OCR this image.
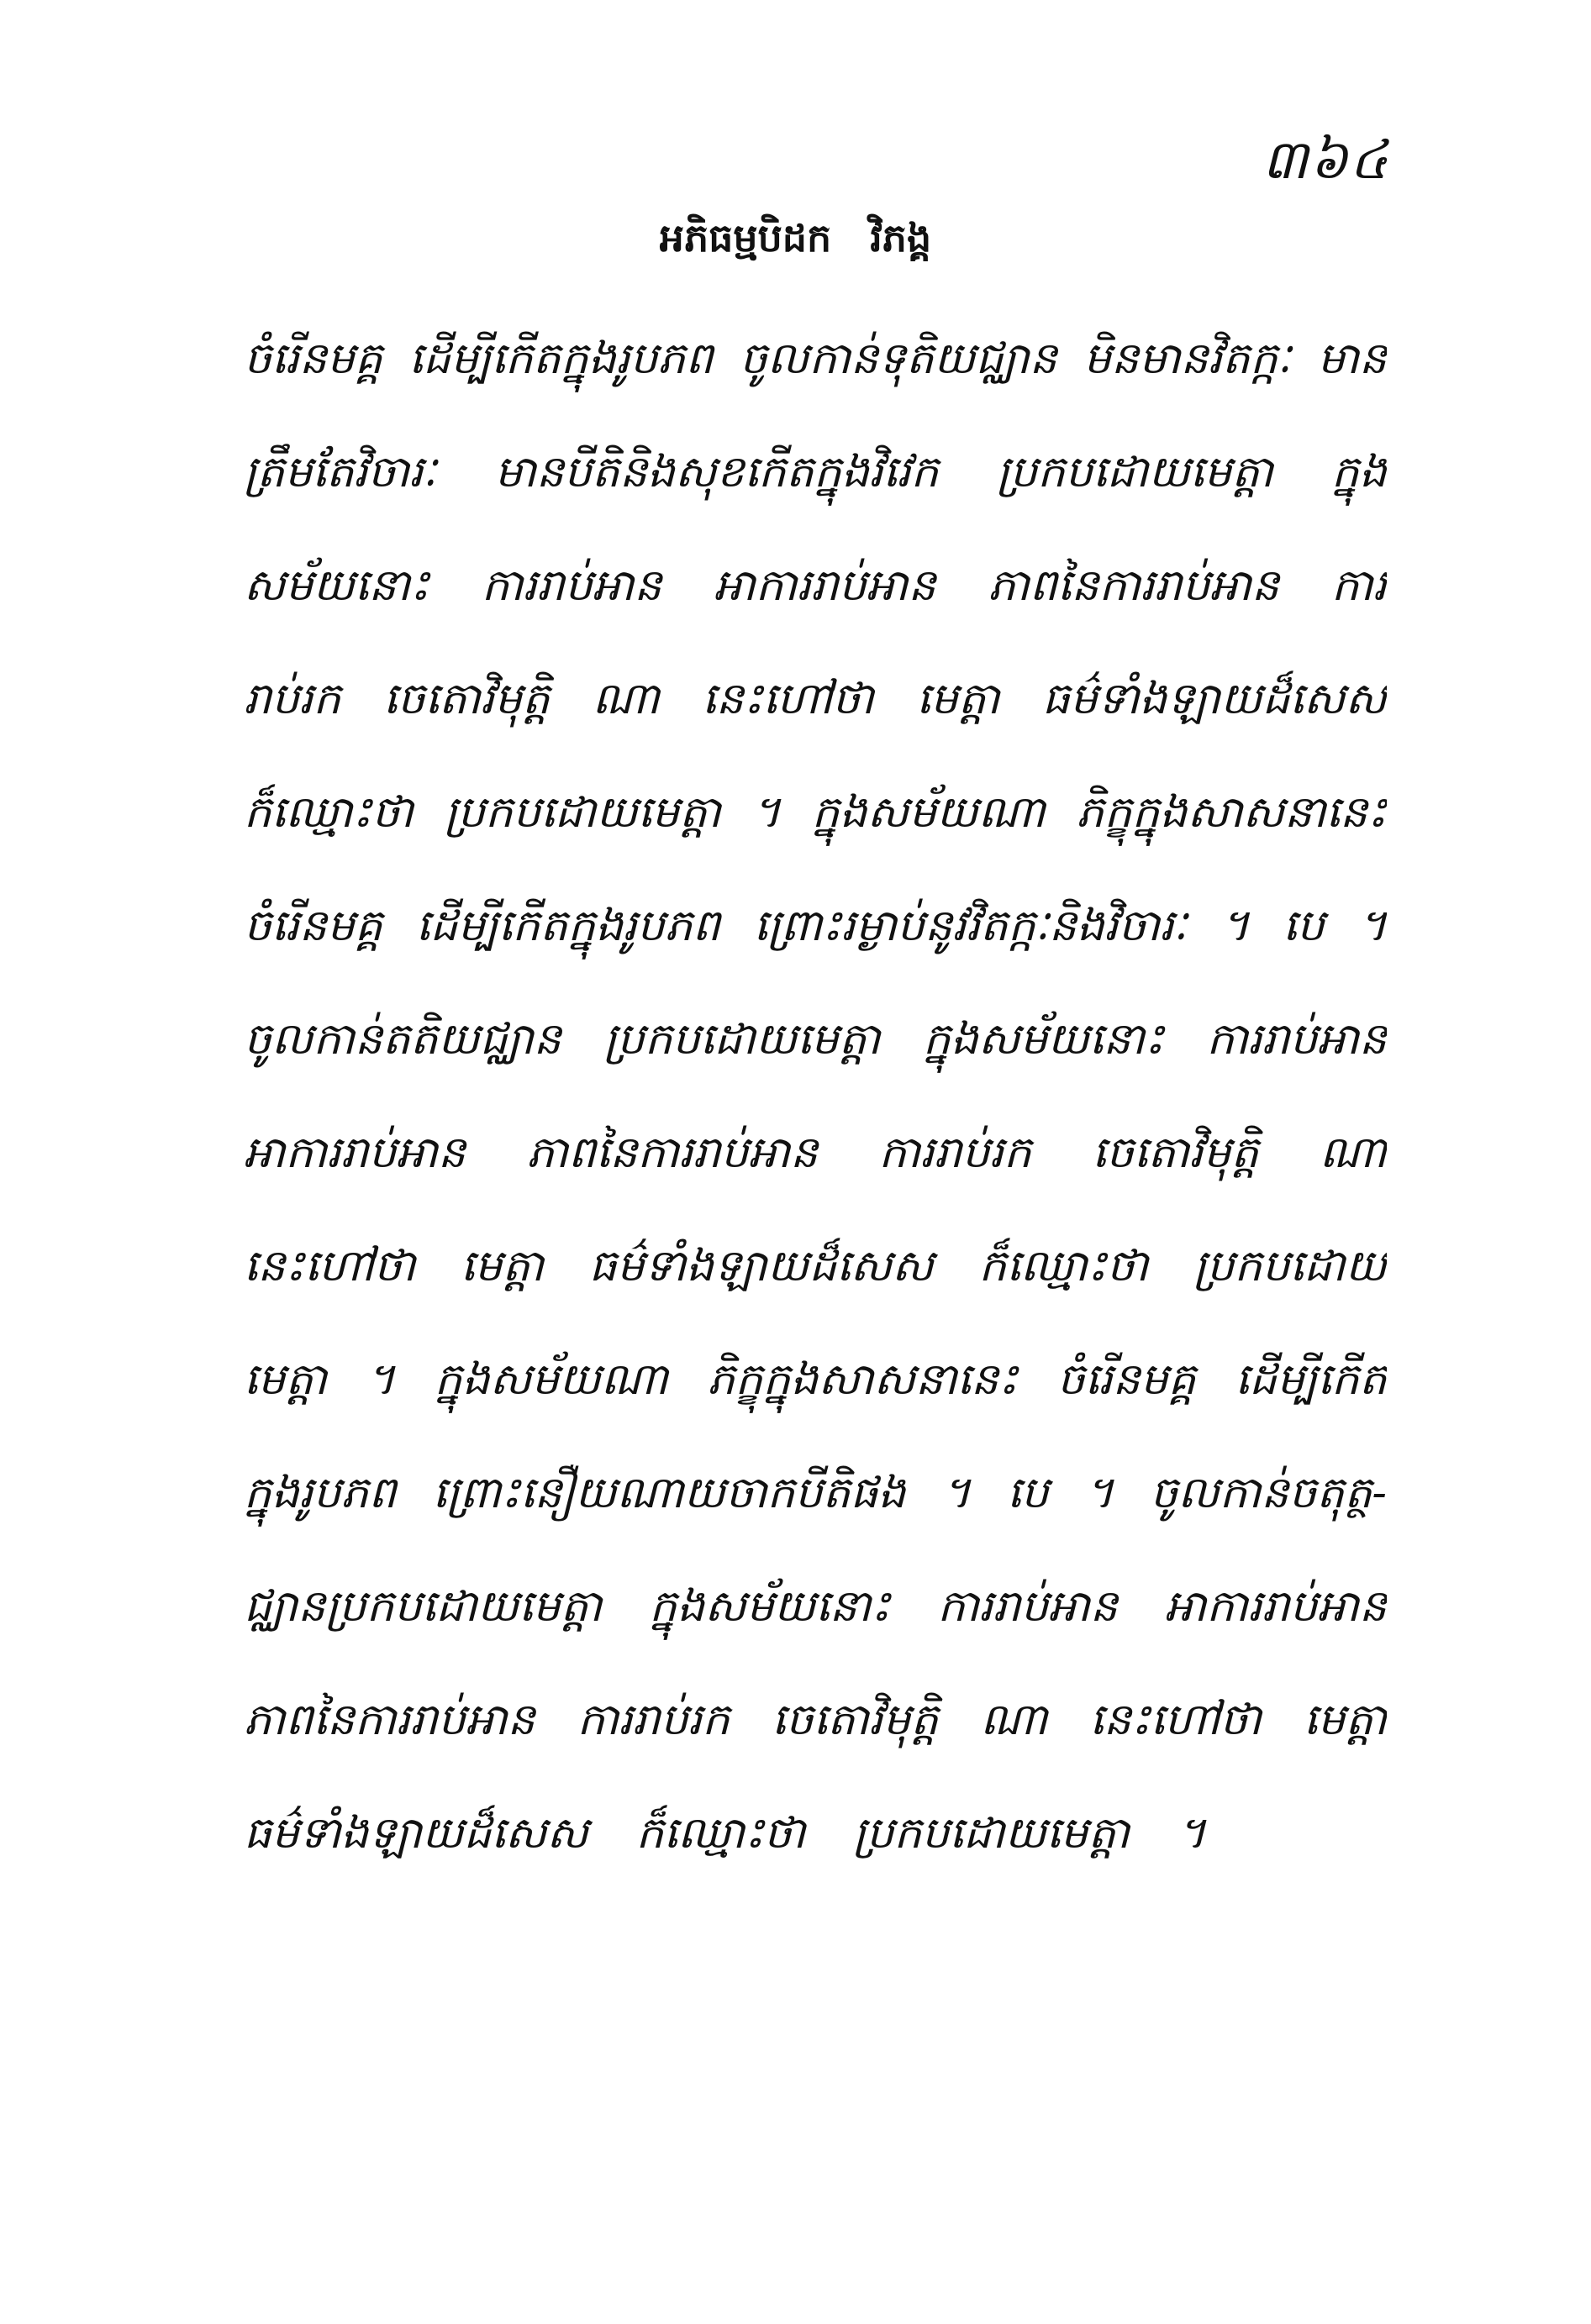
៣៦៤
អភិធម្មបិដក វិភង្គ
ចំរើនមគ្គ ដើម្បីកើតក្នុងរូបភព ចូលកាន់ទុតិយជ្ឈាន មិនមានវិតក្កៈ មាន
ត្រឹមតែវិចារៈ មានបីតិនិងសុខកើតក្នុងវិវេក ប្រកបដោយមេត្តា ក្នុង
សម័យនោះ ការរាប់អាន អាការរាប់អាន ភាពនៃការរាប់អាន ការ
រាប់រក ចេតោវិមុត្តិ ណា នេះហៅថា មេត្តា ធម៌ទាំងឡាយដ៏សេស
ក៏ឈ្មោះថា ប្រកបដោយមេត្តា ។ ក្នុងសម័យណា ភិក្ខុក្នុងសាសនានេះ
ចំរើនមគ្គ ដើម្បីកើតក្នុងរូបភព ព្រោះរម្ងាប់នូវវិតក្កៈនិងវិចារៈ ។ បេ ។
ចូលកាន់តតិយជ្ឈាន ប្រកបដោយមេត្តា ក្នុងសម័យនោះ ការរាប់អាន
អាការរាប់អាន ភាពនៃការរាប់អាន ការរាប់រក ចេតោវិមុត្តិ ណា
នេះហៅថា មេត្តា ធម៌ទាំងឡាយដ៏សេស ក៏ឈ្មោះថា ប្រកបដោយ
មេត្តា ។ ក្នុងសម័យណា ភិក្ខុក្នុងសាសនានេះ ចំរើនមគ្គ ដើម្បីកើត
ក្នុងរូបភព ព្រោះនឿយណាយចាកបីតិផង ។ បេ ។ ចូលកាន់ចតុត្ថ-
ជ្ឈានប្រកបដោយមេត្តា ក្នុងសម័យនោះ ការរាប់អាន អាការរាប់អាន
ភាពនៃការរាប់អាន ការរាប់រក ចេតោវិមុត្តិ ណា នេះហៅថា មេត្តា
ធម៌ទាំងឡាយដ៏សេស ក៏ឈ្មោះថា ប្រកបដោយមេត្តា ។
